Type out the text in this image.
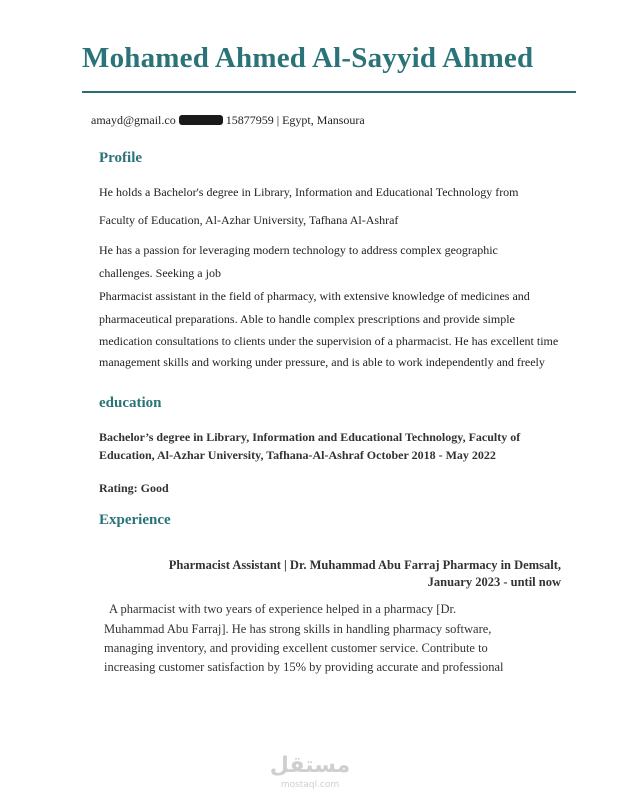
Mohamed Ahmed Al-Sayyid Ahmed
amayd@gmail.co	15877959 | Egypt, Mansoura
Profile
He holds a Bachelor's degree in Library, Information and Educational Technology from
Faculty of Education, Al-Azhar University, Tafhana Al-Ashraf
He has a passion for leveraging modern technology to address complex geographic
challenges. Seeking a job
Pharmacist assistant in the field of pharmacy, with extensive knowledge of medicines and
pharmaceutical preparations. Able to handle complex prescriptions and provide simple
medication consultations to clients under the supervision of a pharmacist. He has excellent time
management skills and working under pressure, and is able to work independently and freely
education
Bachelor’s degree in Library, Information and Educational Technology, Faculty of
Education, Al-Azhar University, Tafhana-Al-Ashraf October 2018 - May 2022
Rating: Good
Experience
Pharmacist Assistant | Dr. Muhammad Abu Farraj Pharmacy in Demsalt,
January 2023 - until now
A pharmacist with two years of experience helped in a pharmacy [Dr.
Muhammad Abu Farraj]. He has strong skills in handling pharmacy software,
managing inventory, and providing excellent customer service. Contribute to
increasing customer satisfaction by 15% by providing accurate and professional
مستقل
mostaql.com
